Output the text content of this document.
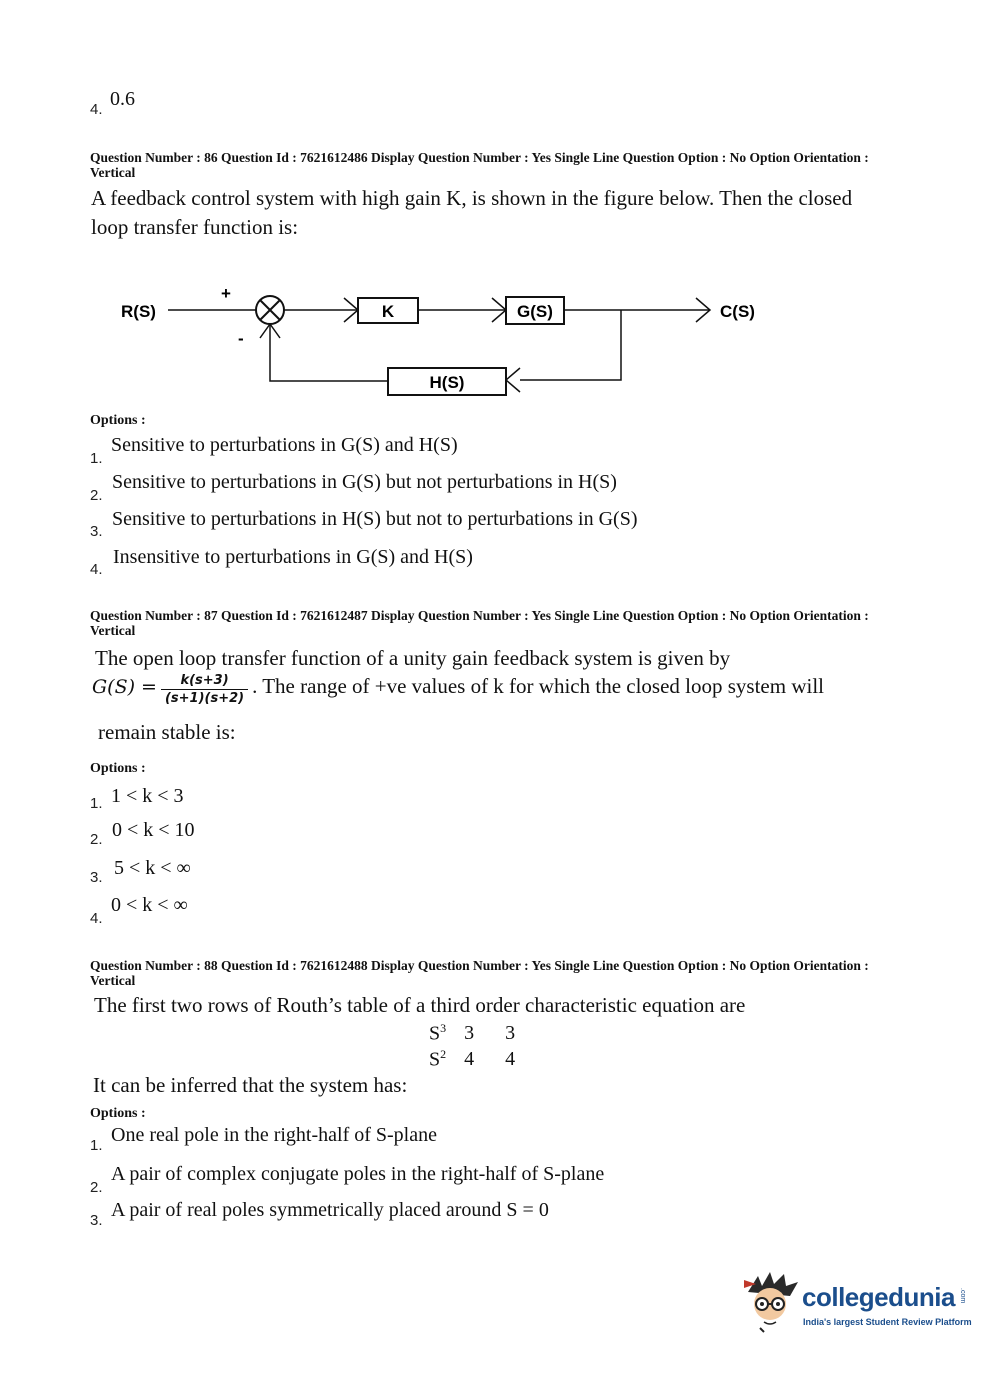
4. 0.6
Question Number : 86 Question Id : 7621612486 Display Question Number : Yes Single Line Question Option : No Option Orientation : Vertical
A feedback control system with high gain K, is shown in the figure below. Then the closed loop transfer function is:
R(S)
+
-
K	G(S)	C(S)
H(S)
Options :
1.
Sensitive to perturbations in G(S) and H(S)
2.
Sensitive to perturbations in G(S) but not perturbations in H(S)
3.
Sensitive to perturbations in H(S) but not to perturbations in G(S)
4.
Insensitive to perturbations in G(S) and H(S)
Question Number : 87 Question Id : 7621612487 Display Question Number : Yes Single Line Question Option : No Option Orientation : Vertical
The open loop transfer function of a unity gain feedback system is given by
$G(S) = \frac{k(s+3)}{(s+1)(s+2)}$ . The range of +ve values of k for which the closed loop system will
remain stable is:
Options :
1. 1 < k < 3
2. 0 < k < 10
3. 5 < k < ∞
4.
0 < k < ∞
Question Number : 88 Question Id : 7621612488 Display Question Number : Yes Single Line Question Option : No Option Orientation : Vertical
The first two rows of Routh’s table of a third order characteristic equation are
$S^3$	3	3
$S^2$	4	4
It can be inferred that the system has:
Options :
1. One real pole in the right-half of S-plane
2.
A pair of complex conjugate poles in the right-half of S-plane
3. A pair of real poles symmetrically placed around S = 0
collegedunia .com
India's largest Student Review Platform
